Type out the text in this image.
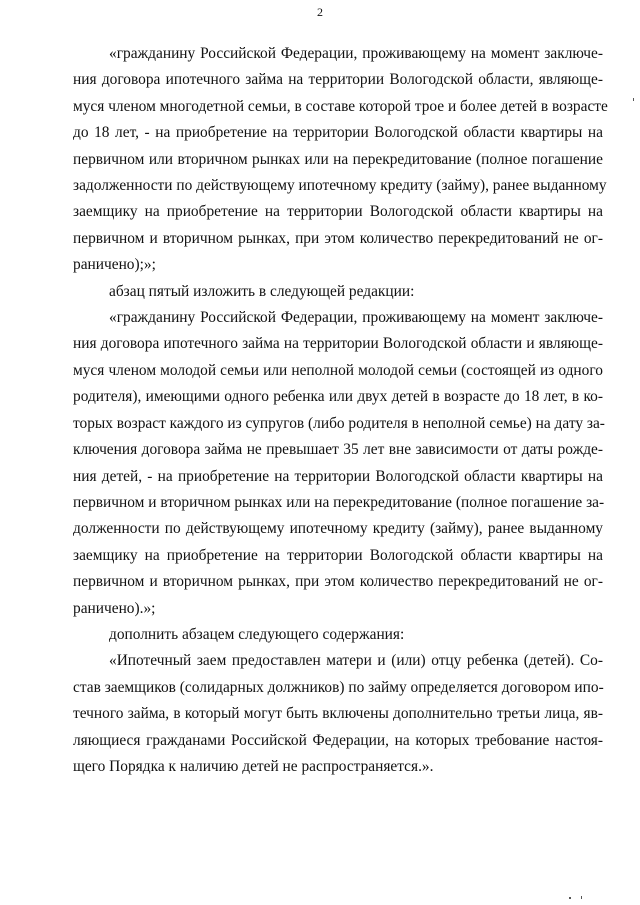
2
«гражданину Российской Федерации, проживающему на момент заключе-
ния договора ипотечного займа на территории Вологодской области, являюще-
муся членом многодетной семьи, в составе которой трое и более детей в возрасте
до 18 лет, - на приобретение на территории Вологодской области квартиры на
первичном или вторичном рынках или на перекредитование (полное погашение
задолженности по действующему ипотечному кредиту (займу), ранее выданному
заемщику на приобретение на территории Вологодской области квартиры на
первичном и вторичном рынках, при этом количество перекредитований не ог-
раничено);»;
абзац пятый изложить в следующей редакции:
«гражданину Российской Федерации, проживающему на момент заключе-
ния договора ипотечного займа на территории Вологодской области и являюще-
муся членом молодой семьи или неполной молодой семьи (состоящей из одного
родителя), имеющими одного ребенка или двух детей в возрасте до 18 лет, в ко-
торых возраст каждого из супругов (либо родителя в неполной семье) на дату за-
ключения договора займа не превышает 35 лет вне зависимости от даты рожде-
ния детей, - на приобретение на территории Вологодской области квартиры на
первичном и вторичном рынках или на перекредитование (полное погашение за-
долженности по действующему ипотечному кредиту (займу), ранее выданному
заемщику на приобретение на территории Вологодской области квартиры на
первичном и вторичном рынках, при этом количество перекредитований не ог-
раничено).»;
дополнить абзацем следующего содержания:
«Ипотечный заем предоставлен матери и (или) отцу ребенка (детей). Со-
став заемщиков (солидарных должников) по займу определяется договором ипо-
течного займа, в который могут быть включены дополнительно третьи лица, яв-
ляющиеся гражданами Российской Федерации, на которых требование настоя-
щего Порядка к наличию детей не распространяется.».
